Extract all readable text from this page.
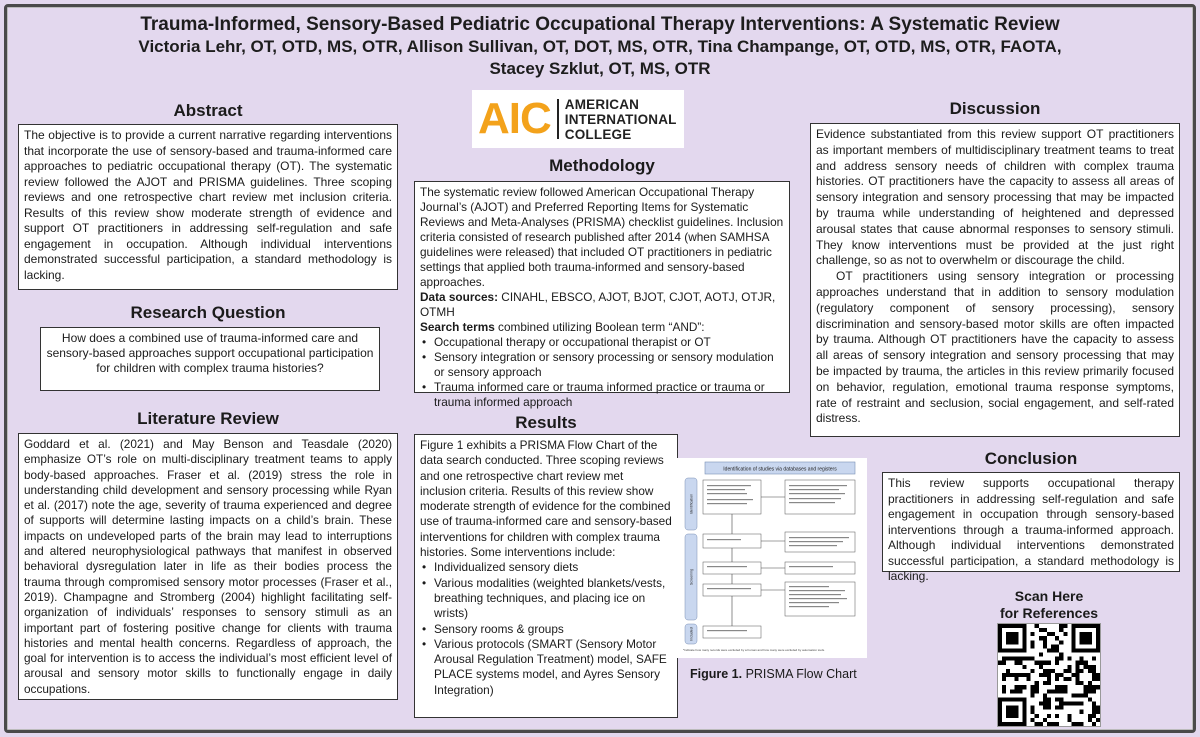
Trauma-Informed, Sensory-Based Pediatric Occupational Therapy Interventions: A Systematic Review
Victoria Lehr, OT, OTD, MS, OTR, Allison Sullivan, OT, DOT, MS, OTR, Tina Champange, OT, OTD, MS, OTR, FAOTA,
Stacey Szklut, OT, MS, OTR
AIC AMERICAN
INTERNATIONAL
COLLEGE
Abstract
The objective is to provide a current narrative regarding interventions that incorporate the use of sensory-based and trauma-informed care approaches to pediatric occupational therapy (OT). The systematic review followed the AJOT and PRISMA guidelines. Three scoping reviews and one retrospective chart review met inclusion criteria. Results of this review show moderate strength of evidence and support OT practitioners in addressing self-regulation and safe engagement in occupation. Although individual interventions demonstrated successful participation, a standard methodology is lacking.
Research Question
How does a combined use of trauma-informed care and sensory-based approaches support occupational participation for children with complex trauma histories?
Literature Review
Goddard et al. (2021) and May Benson and Teasdale (2020) emphasize OT’s role on multi-disciplinary treatment teams to apply body-based approaches. Fraser et al. (2019) stress the role in understanding child development and sensory processing while Ryan et al. (2017) note the age, severity of trauma experienced and degree of supports will determine lasting impacts on a child’s brain. These impacts on undeveloped parts of the brain may lead to interruptions and altered neurophysiological pathways that manifest in observed behavioral dysregulation later in life as their bodies process the trauma through compromised sensory motor processes (Fraser et al., 2019). Champagne and Stromberg (2004) highlight facilitating self-organization of individuals’ responses to sensory stimuli as an important part of fostering positive change for clients with trauma histories and mental health concerns. Regardless of approach, the goal for intervention is to access the individual’s most efficient level of arousal and sensory motor skills to functionally engage in daily occupations.
Methodology
The systematic review followed American Occupational Therapy Journal’s (AJOT) and Preferred Reporting Items for Systematic Reviews and Meta-Analyses (PRISMA) checklist guidelines. Inclusion criteria consisted of research published after 2014 (when SAMHSA guidelines were released) that included OT practitioners in pediatric settings that applied both trauma-informed and sensory-based approaches.
Data sources: CINAHL, EBSCO, AJOT, BJOT, CJOT, AOTJ, OTJR, OTMH
Search terms combined utilizing Boolean term “AND”:
• Occupational therapy or occupational therapist or OT
• Sensory integration or sensory processing or sensory modulation or sensory approach
• Trauma informed care or trauma informed practice or trauma or trauma informed approach
Results
Figure 1 exhibits a PRISMA Flow Chart of the data search conducted. Three scoping reviews and one retrospective chart review met inclusion criteria. Results of this review show moderate strength of evidence for the combined use of trauma-informed care and sensory-based interventions for children with complex trauma histories. Some interventions include:
• Individualized sensory diets
• Various modalities (weighted blankets/vests, breathing techniques, and placing ice on wrists)
• Sensory rooms & groups
• Various protocols (SMART (Sensory Motor Arousal Regulation Treatment) model, SAFE PLACE systems model, and Ayres Sensory Integration)
Identification of studies via databases and registers
Identification
Screening
Included
*Indicate how many records were excluded by a human and how many were excluded by automation tools.
Figure 1. PRISMA Flow Chart
Discussion

Evidence substantiated from this review support OT practitioners as important members of multidisciplinary treatment teams to treat and address sensory needs of children with complex trauma histories. OT practitioners have the capacity to assess all areas of sensory integration and sensory processing that may be impacted by trauma while understanding of heightened and depressed arousal states that cause abnormal responses to sensory stimuli. They know interventions must be provided at the just right challenge, so as not to overwhelm or discourage the child.

OT practitioners using sensory integration or processing approaches understand that in addition to sensory modulation (regulatory component of sensory processing), sensory discrimination and sensory-based motor skills are often impacted by trauma. Although OT practitioners have the capacity to assess all areas of sensory integration and sensory processing that may be impacted by trauma, the articles in this review primarily focused on behavior, regulation, emotional trauma response symptoms, rate of restraint and seclusion, social engagement, and self-rated distress.

Conclusion
This review supports occupational therapy practitioners in addressing self-regulation and safe engagement in occupation through sensory-based interventions through a trauma-informed approach. Although individual interventions demonstrated successful participation, a standard methodology is lacking.
Scan Here
for References
